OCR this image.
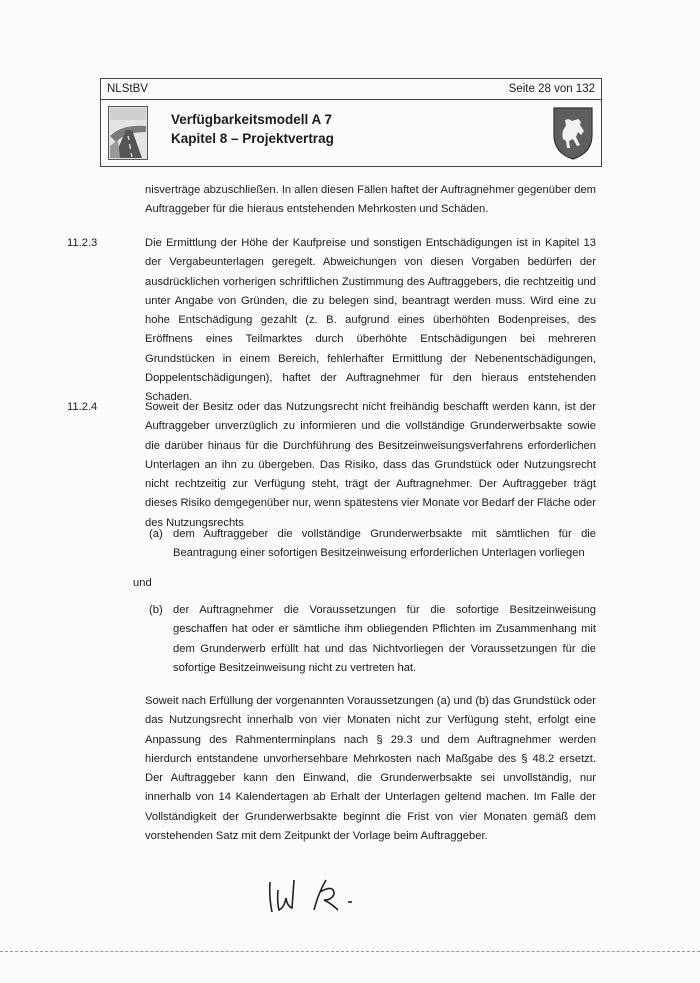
NLStBV	Seite 28 von 132
Verfügbarkeitsmodell A 7
Kapitel 8 – Projektvertrag
nisverträge abzuschließen. In allen diesen Fällen haftet der Auftragnehmer gegenüber dem Auftraggeber für die hieraus entstehenden Mehrkosten und Schäden.
11.2.3	Die Ermittlung der Höhe der Kaufpreise und sonstigen Entschädigungen ist in Kapitel 13 der Vergabeunterlagen geregelt. Abweichungen von diesen Vorgaben bedürfen der ausdrücklichen vorherigen schriftlichen Zustimmung des Auftraggebers, die rechtzeitig und unter Angabe von Gründen, die zu belegen sind, beantragt werden muss. Wird eine zu hohe Entschädigung gezahlt (z. B. aufgrund eines überhöhten Bodenpreises, des Eröffnens eines Teilmarktes durch überhöhte Entschädigungen bei mehreren Grundstücken in einem Bereich, fehlerhafter Ermittlung der Nebenentschädigungen, Doppelentschädigungen), haftet der Auftragnehmer für den hieraus entstehenden Schaden.
11.2.4	Soweit der Besitz oder das Nutzungsrecht nicht freihändig beschafft werden kann, ist der Auftraggeber unverzüglich zu informieren und die vollständige Grunderwerbsakte sowie die darüber hinaus für die Durchführung des Besitzeinweisungsverfahrens erforderlichen Unterlagen an ihn zu übergeben. Das Risiko, dass das Grundstück oder Nutzungsrecht nicht rechtzeitig zur Verfügung steht, trägt der Auftragnehmer. Der Auftraggeber trägt dieses Risiko demgegenüber nur, wenn spätestens vier Monate vor Bedarf der Fläche oder des Nutzungsrechts
(a) dem Auftraggeber die vollständige Grunderwerbsakte mit sämtlichen für die Beantragung einer sofortigen Besitzeinweisung erforderlichen Unterlagen vorliegen
und
(b) der Auftragnehmer die Voraussetzungen für die sofortige Besitzeinweisung geschaffen hat oder er sämtliche ihm obliegenden Pflichten im Zusammenhang mit dem Grunderwerb erfüllt hat und das Nichtvorliegen der Voraussetzungen für die sofortige Besitzeinweisung nicht zu vertreten hat.
Soweit nach Erfüllung der vorgenannten Voraussetzungen (a) und (b) das Grundstück oder das Nutzungsrecht innerhalb von vier Monaten nicht zur Verfügung steht, erfolgt eine Anpassung des Rahmenterminplans nach § 29.3 und dem Auftragnehmer werden hierdurch entstandene unvorhersehbare Mehrkosten nach Maßgabe des § 48.2 ersetzt. Der Auftraggeber kann den Einwand, die Grunderwerbsakte sei unvollständig, nur innerhalb von 14 Kalendertagen ab Erhalt der Unterlagen geltend machen. Im Falle der Vollständigkeit der Grunderwerbsakte beginnt die Frist von vier Monaten gemäß dem vorstehenden Satz mit dem Zeitpunkt der Vorlage beim Auftraggeber.
